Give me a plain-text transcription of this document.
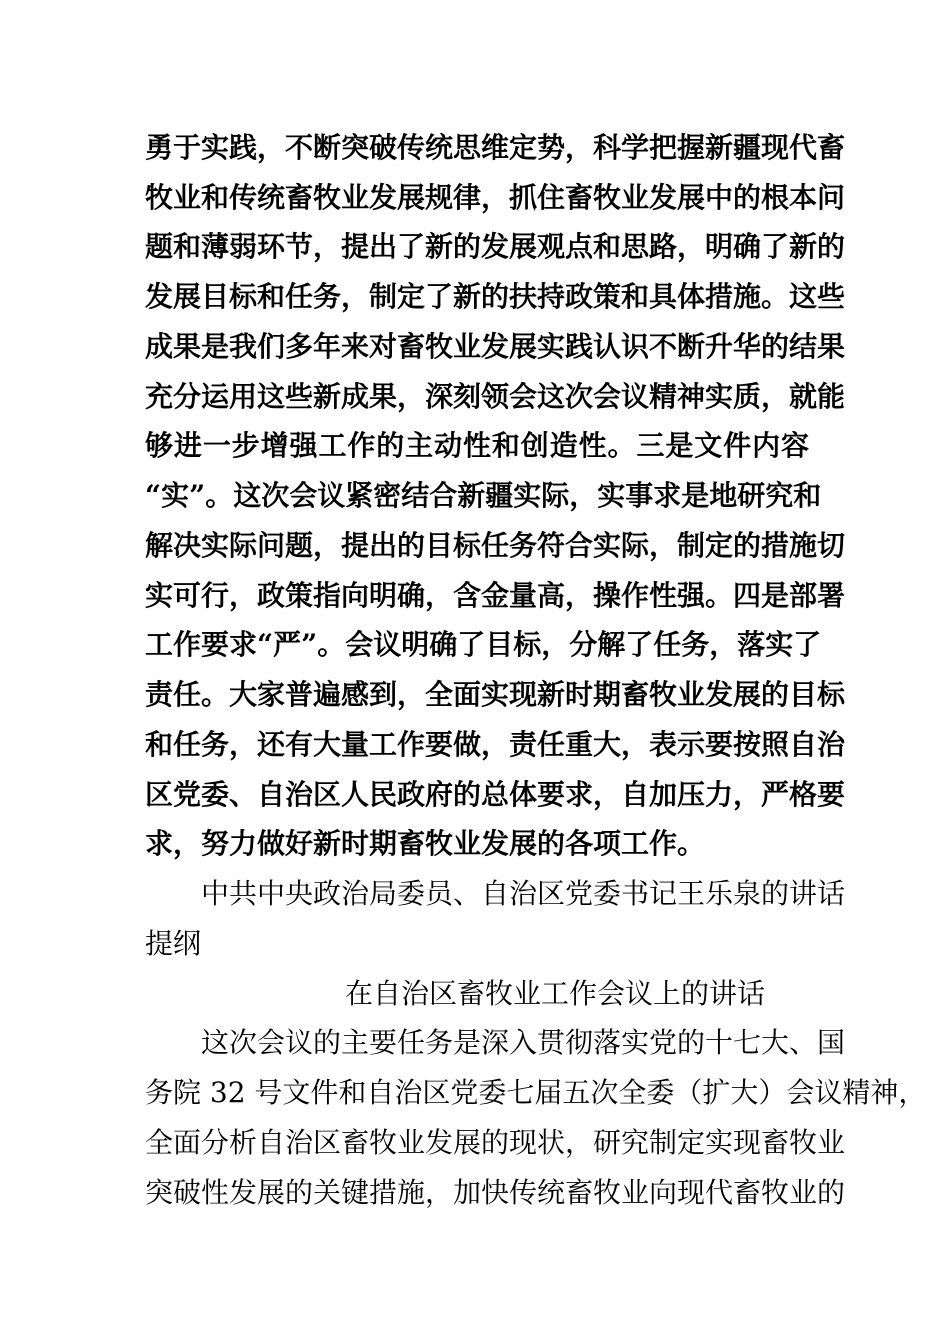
勇于实践，不断突破传统思维定势，科学把握新疆现代畜
牧业和传统畜牧业发展规律，抓住畜牧业发展中的根本问
题和薄弱环节，提出了新的发展观点和思路，明确了新的
发展目标和任务，制定了新的扶持政策和具体措施。这些
成果是我们多年来对畜牧业发展实践认识不断升华的结果
充分运用这些新成果，深刻领会这次会议精神实质，就能
够进一步增强工作的主动性和创造性。三是文件内容
“实”。这次会议紧密结合新疆实际，实事求是地研究和
解决实际问题，提出的目标任务符合实际，制定的措施切
实可行，政策指向明确，含金量高，操作性强。四是部署
工作要求“严”。会议明确了目标，分解了任务，落实了
责任。大家普遍感到，全面实现新时期畜牧业发展的目标
和任务，还有大量工作要做，责任重大，表示要按照自治
区党委、自治区人民政府的总体要求，自加压力，严格要
求，努力做好新时期畜牧业发展的各项工作。
中共中央政治局委员、自治区党委书记王乐泉的讲话
提纲
在自治区畜牧业工作会议上的讲话
这次会议的主要任务是深入贯彻落实党的十七大、国
务院 32 号文件和自治区党委七届五次全委（扩大）会议精神，
全面分析自治区畜牧业发展的现状，研究制定实现畜牧业
突破性发展的关键措施，加快传统畜牧业向现代畜牧业的
